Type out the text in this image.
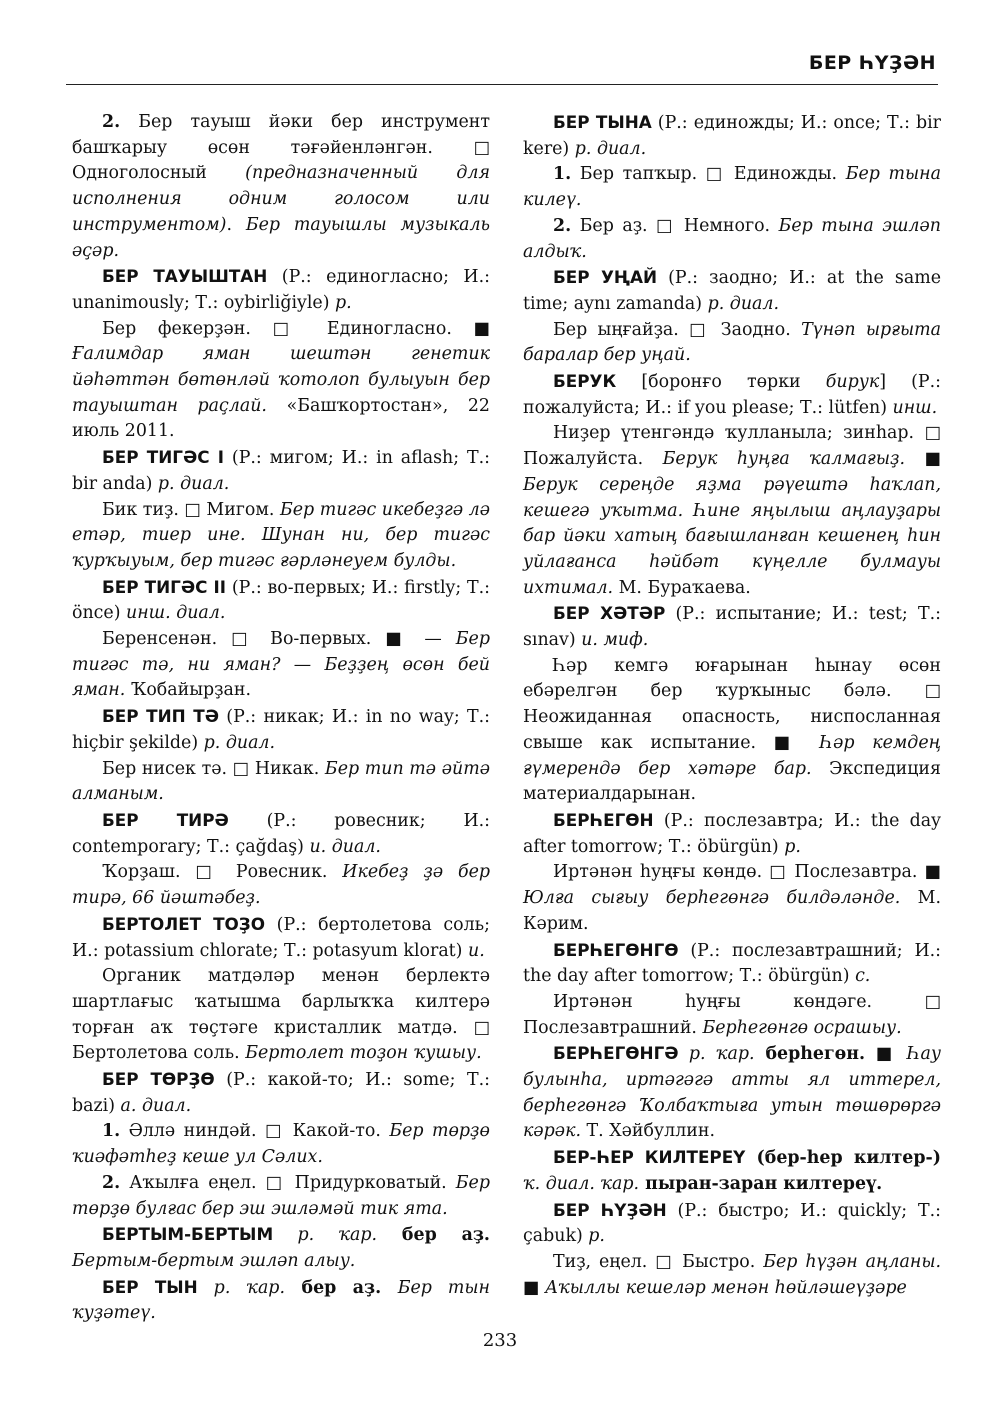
БЕР ҺҮҘӘН

2. Бер тауыш йәки бер инструмент башҡарыу өсөн тәғәйенләнгән. □ Одноголосный (предназначенный для исполнения одним голосом или инструментом). Бер тауышлы музыкаль әҫәр.

БЕР ТАУЫШТАН (Р.: единогласно; И.: unanimously; Т.: oybirliğiyle) р.

Бер фекерҙән. □ Единогласно. ■ Ғалимдар яман шештән генетик йәһәттән бөтөнләй ҡотолоп булыуын бер тауыштан раҫлай. «Башҡортостан», 22 июль 2011.

БЕР ТИГӘС I (Р.: мигом; И.: in aflash; Т.: bir anda) р. диал.

Бик тиҙ. □ Мигом. Бер тигәс икебеҙгә лә етәр, тиер ине. Шунан ни, бер тигәс ҡурҡыуым, бер тигәс ғәрләнеуем булды.

БЕР ТИГӘС II (Р.: во-первых; И.: firstly; Т.: önce) инш. диал.

Беренсенән. □ Во-первых. ■ — Бер тигәс тә, ни яман? — Беҙҙең өсөн бей яман. Ҡобайырҙан.

БЕР ТИП ТӘ (Р.: никак; И.: in no way; Т.: hiçbir şekilde) р. диал.

Бер нисек тә. □ Никак. Бер тип тә әйтә алманым.

БЕР ТИРӘ (Р.: ровесник; И.: contemporary; Т.: çağdaş) и. диал.

Ҡорҙаш. □ Ровесник. Икебеҙ ҙә бер тирә, 66 йәштәбеҙ.

БЕРТОЛЕТ ТОҘО (Р.: бертолетова соль; И.: potassium chlorate; Т.: potasyum klorat) и.

Органик матдәләр менән берлектә шартлағыс ҡатышма барлыҡҡа килтерә торған аҡ төҫтәге кристаллик матдә. □ Бертолетова соль. Бертолет тоҙон ҡушыу.

БЕР ТӨРҘӨ (Р.: какой-то; И.: some; Т.: bazi) а. диал.

1. Әллә ниндәй. □ Какой-то. Бер төрҙө ҡиәфәтһеҙ кеше ул Сәлих.

2. Аҡылға еңел. □ Придурковатый. Бер төрҙө булғас бер эш эшләмәй тик ята.

БЕРТЫМ-БЕРТЫМ р. ҡар. бер аҙ. Бертым-бертым эшләп алыу.

БЕР ТЫН р. ҡар. бер аҙ. Бер тын ҡуҙәтеү.

БЕР ТЫНА (Р.: единожды; И.: once; Т.: bir kere) р. диал.

1. Бер тапҡыр. □ Единожды. Бер тына килеү.

2. Бер аҙ. □ Немного. Бер тына эшләп алдыҡ.

БЕР УҢАЙ (Р.: заодно; И.: at the same time; aynı zamanda) р. диал.

Бер ыңғайҙа. □ Заодно. Түнәп ырғыта баралар бер уңай.

БЕРУК [боронғо төрки бирук] (Р.: пожалуйста; И.: if you please; Т.: lütfen) инш.

Ниҙер үтенгәндә ҡулланыла; зинһар. □ Пожалуйста. Берук һуңға ҡалмағыҙ. ■ Берук сереңде яҙма рәүештә һаҡлап, кешегә уҡытма. Һине яңылыш аңлауҙары бар йәки хатың бағышланған кешенең һин уйлағанса һәйбәт күңелле булмауы ихтимал. М. Бураҡаева.

БЕР ХӘТӘР (Р.: испытание; И.: test; Т.: sınav) и. миф.

Һәр кемгә юғарынан һынау өсөн ебәрелгән бер ҡурҡыныс бәлә. □ Неожиданная опасность, ниспосланная свыше как испытание. ■ Һәр кемдең ғүмерендә бер хәтәре бар. Экспедиция материалдарынан.

БЕРҺЕГӨН (Р.: послезавтра; И.: the day after tomorrow; Т.: öbürgün) р.

Иртәнән һуңғы көндө. □ Послезавтра. ■ Юлға сығыу берһегөнгә билдәләнде. М. Кәрим.

БЕРҺЕГӨНГӨ (Р.: послезавтрашний; И.: the day after tomorrow; Т.: öbürgün) с.

Иртәнән һуңғы көндәге. □ Послезавтрашний. Берһегөнгө осрашыу.

БЕРҺЕГӨНГӘ р. ҡар. берһегөн. ■ Һау булынһа, иртәгәгә атты ял иттерел, берһегөнгә Ҡолбаҡтыға утын төшөрөргә кәрәк. Т. Хәйбуллин.

БЕР-ҺЕР КИЛТЕРЕҮ (бер-һер килтер-) ҡ. диал. ҡар. пыран-заран килтереү.

БЕР ҺҮҘӘН (Р.: быстро; И.: quickly; Т.: çabuk) р.

Тиҙ, еңел. □ Быстро. Бер һүҙән аңланы. ■ Аҡыллы кешеләр менән һөйләшеүҙәре

233
